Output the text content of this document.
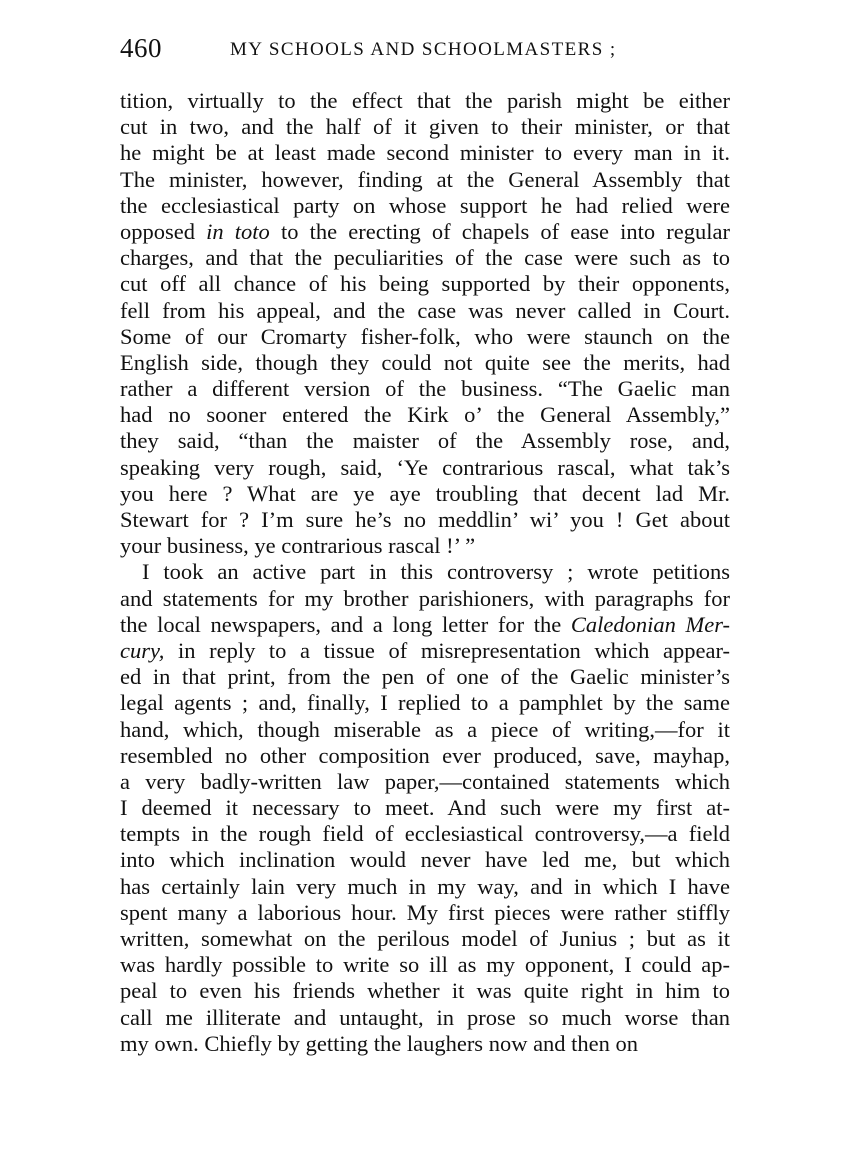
460	MY SCHOOLS AND SCHOOLMASTERS ;
tition, virtually to the effect that the parish might be either
cut in two, and the half of it given to their minister, or that
he might be at least made second minister to every man in it.
The minister, however, finding at the General Assembly that
the ecclesiastical party on whose support he had relied were
opposed in toto to the erecting of chapels of ease into regular
charges, and that the peculiarities of the case were such as to
cut off all chance of his being supported by their opponents,
fell from his appeal, and the case was never called in Court.
Some of our Cromarty fisher-folk, who were staunch on the
English side, though they could not quite see the merits, had
rather a different version of the business. “The Gaelic man
had no sooner entered the Kirk o’ the General Assembly,”
they said, “than the maister of the Assembly rose, and,
speaking very rough, said, ‘Ye contrarious rascal, what tak’s
you here ? What are ye aye troubling that decent lad Mr.
Stewart for ? I’m sure he’s no meddlin’ wi’ you ! Get about
your business, ye contrarious rascal !’ ”
I took an active part in this controversy ; wrote petitions
and statements for my brother parishioners, with paragraphs for
the local newspapers, and a long letter for the Caledonian Mer-
cury, in reply to a tissue of misrepresentation which appear-
ed in that print, from the pen of one of the Gaelic minister’s
legal agents ; and, finally, I replied to a pamphlet by the same
hand, which, though miserable as a piece of writing,—for it
resembled no other composition ever produced, save, mayhap,
a very badly-written law paper,—contained statements which
I deemed it necessary to meet. And such were my first at-
tempts in the rough field of ecclesiastical controversy,—a field
into which inclination would never have led me, but which
has certainly lain very much in my way, and in which I have
spent many a laborious hour. My first pieces were rather stiffly
written, somewhat on the perilous model of Junius ; but as it
was hardly possible to write so ill as my opponent, I could ap-
peal to even his friends whether it was quite right in him to
call me illiterate and untaught, in prose so much worse than
my own. Chiefly by getting the laughers now and then on
